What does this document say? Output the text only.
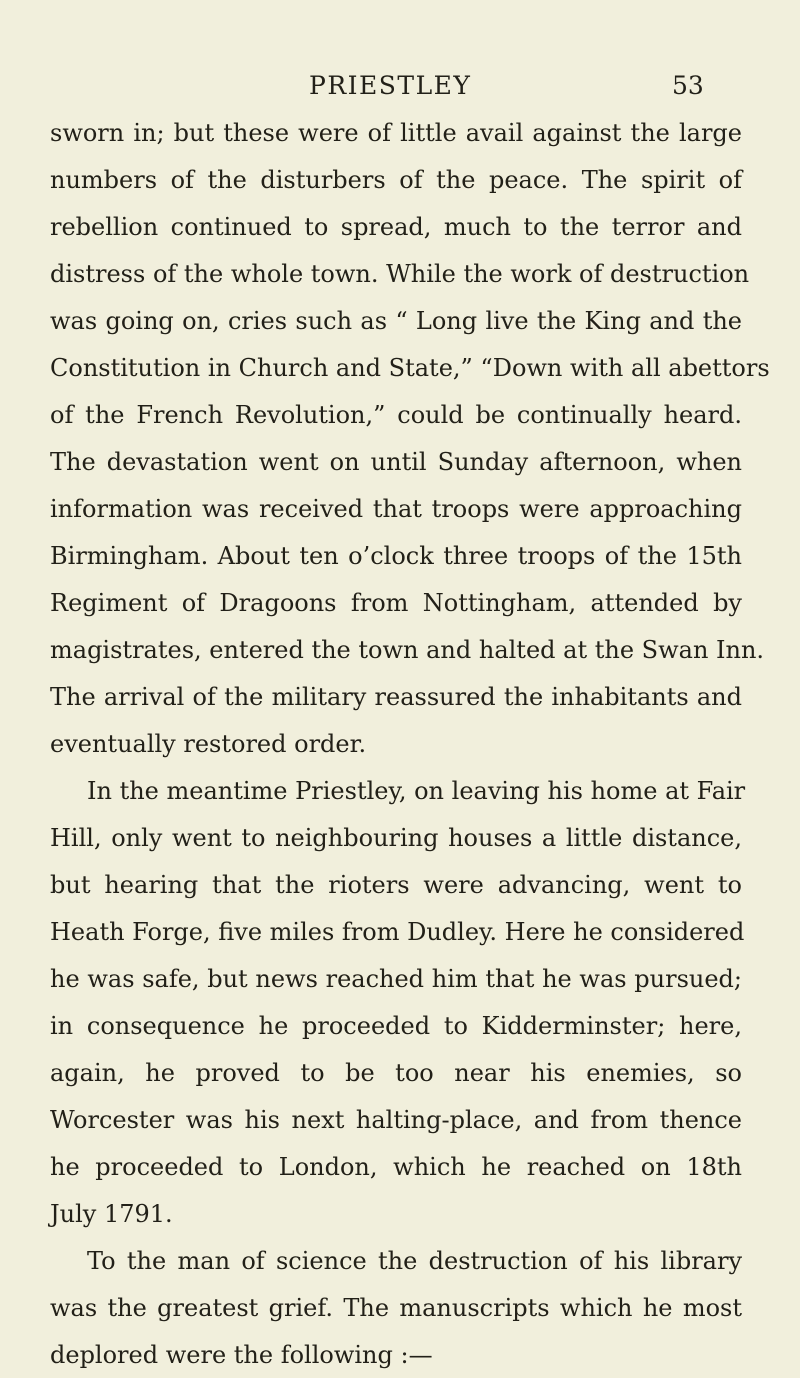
PRIESTLEY	53
sworn in; but these were of little avail against the large
numbers of the disturbers of the peace. The spirit of
rebellion continued to spread, much to the terror and
distress of the whole town. While the work of destruction
was going on, cries such as “ Long live the King and the
Constitution in Church and State,” “Down with all abettors
of the French Revolution,” could be continually heard.
The devastation went on until Sunday afternoon, when
information was received that troops were approaching
Birmingham. About ten o’clock three troops of the 15th
Regiment of Dragoons from Nottingham, attended by
magistrates, entered the town and halted at the Swan Inn.
The arrival of the military reassured the inhabitants and
eventually restored order.
In the meantime Priestley, on leaving his home at Fair
Hill, only went to neighbouring houses a little distance,
but hearing that the rioters were advancing, went to
Heath Forge, five miles from Dudley. Here he considered
he was safe, but news reached him that he was pursued;
in consequence he proceeded to Kidderminster; here,
again, he proved to be too near his enemies, so
Worcester was his next halting-place, and from thence
he proceeded to London, which he reached on 18th
July 1791.
To the man of science the destruction of his library
was the greatest grief. The manuscripts which he most
deplored were the following :—
